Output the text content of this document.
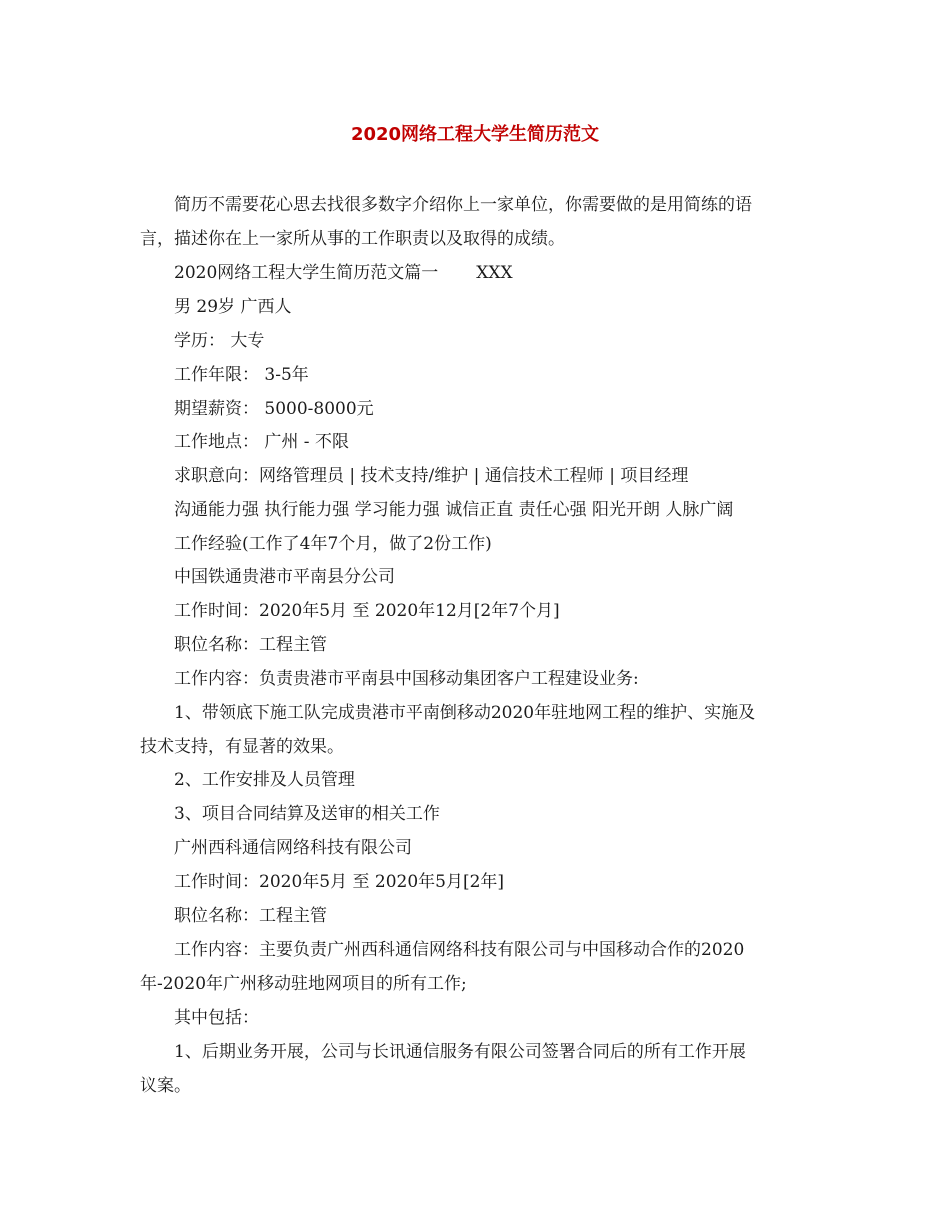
2020网络工程大学生简历范文
简历不需要花心思去找很多数字介绍你上一家单位，你需要做的是用简练的语
言，描述你在上一家所从事的工作职责以及取得的成绩。
2020网络工程大学生简历范文篇一 XXX
男 29岁 广西人
学历： 大专
工作年限： 3-5年
期望薪资： 5000-8000元
工作地点： 广州 - 不限
求职意向：网络管理员 | 技术支持/维护 | 通信技术工程师 | 项目经理
沟通能力强 执行能力强 学习能力强 诚信正直 责任心强 阳光开朗 人脉广阔
工作经验(工作了4年7个月，做了2份工作)
中国铁通贵港市平南县分公司
工作时间：2020年5月 至 2020年12月[2年7个月]
职位名称：工程主管
工作内容：负责贵港市平南县中国移动集团客户工程建设业务:
1、带领底下施工队完成贵港市平南倒移动2020年驻地网工程的维护、实施及
技术支持，有显著的效果。
2、工作安排及人员管理
3、项目合同结算及送审的相关工作
广州西科通信网络科技有限公司
工作时间：2020年5月 至 2020年5月[2年]
职位名称：工程主管
工作内容：主要负责广州西科通信网络科技有限公司与中国移动合作的2020
年-2020年广州移动驻地网项目的所有工作;
其中包括：
1、后期业务开展，公司与长讯通信服务有限公司签署合同后的所有工作开展
议案。
